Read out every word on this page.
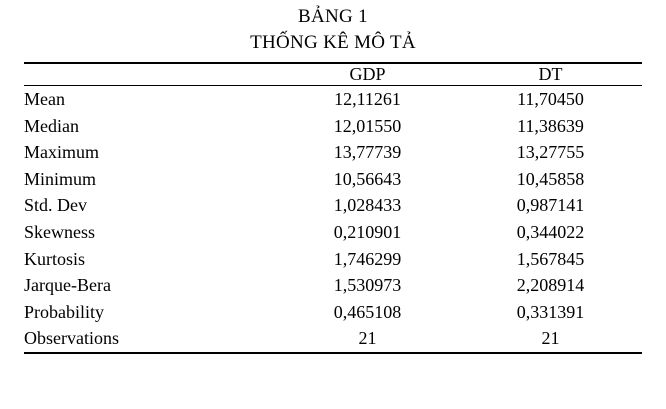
BẢNG 1
THỐNG KÊ MÔ TẢ

	GDP	DT

Mean	12,11261	11,70450
Median	12,01550	11,38639
Maximum	13,77739	13,27755
Minimum	10,56643	10,45858
Std. Dev	1,028433	0,987141
Skewness	0,210901	0,344022
Kurtosis	1,746299	1,567845
Jarque-Bera	1,530973	2,208914
Probability	0,465108	0,331391
Observations	21	21
